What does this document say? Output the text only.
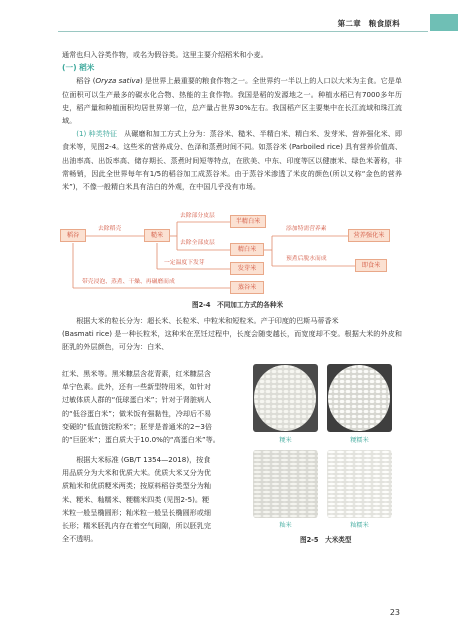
第二章　粮食原料

通常也归入谷类作物，或名为假谷类。这里主要介绍稻米和小麦。

(一) 稻米

稻谷 (Oryza sativa) 是世界上最重要的粮食作物之一。全世界约一半以上的人口以大米为主食。它是单位面积可以生产最多的碳水化合物、热能的主食作物。我国是稻的发源地之一。种植水稻已有7000多年历史，稻产量和种植面积均居世界第一位，总产量占世界30%左右。我国稻产区主要集中在长江流域和珠江流域。

(1) 种类特征　 从碾磨和加工方式上分为：蒸谷米、糙米、半精白米、精白米、发芽米、营养强化米、即食米等，见图2-4。这些米的营养成分、色泽和蒸煮时间不同。如蒸谷米 (Parboiled rice) 具有营养价值高、出油率高、出饭率高、储存期长、蒸煮时间短等特点，在欧美、中东、印度等区以健康米、绿色米著称，非常畅销，因此全世界每年有1/5的稻谷加工成蒸谷米。由于蒸谷米渗透了米皮的颜色(所以又称“金色的营养米”)，不像一般精白米具有洁白的外观，在中国几乎没有市场。

稻谷	糙米
半精白米
精白米
营养强化米
即食米
发芽米
蒸谷米
去除稻壳
去除部分皮层
去除全部皮层
添加特需营养素
预煮后脱水而成
一定温度下发芽
带壳浸泡、蒸煮、干燥、再碾磨而成
图2-4　不同加工方式的各种米

根据大米的粒长分为：超长米、长粒米、中粒米和短粒米。产于印度的巴斯马蒂香米

(Basmati rice) 是一种长粒米，这种米在烹饪过程中，长度会随变越长，而宽度却不变。根据大米的外皮和胚乳的外层颜色，可分为：白米、

红米、黑米等。黑米糠层含花青素，红米糠层含

单宁色素。此外，还有一些新型特用米，如针对

过敏体质人群的“低球蛋白米”；针对于肾脏病人

的“低谷蛋白米”；做米饭有强黏性，冷却后不易

变硬的“低直链淀粉米”；胚芽是普通米的2~3倍

的“巨胚米”；蛋白质大于10.0%的“高蛋白米”等。

根据大米标准 (GB/T 1354—2018)，按食

用品质分为大米和优质大米。优质大米又分为优

质籼米和优质粳米两类；按原料稻谷类型分为籼

米、粳米、籼糯米、粳糯米四类 (见图2-5)。粳

米粒一般呈椭圆形；籼米粒一般呈长椭圆形或细

长形；糯米胚乳内存在着空气间隙，所以胚乳完

全不透明。

粳米	粳糯米
籼米	籼糯米
图2-5　大米类型
23
